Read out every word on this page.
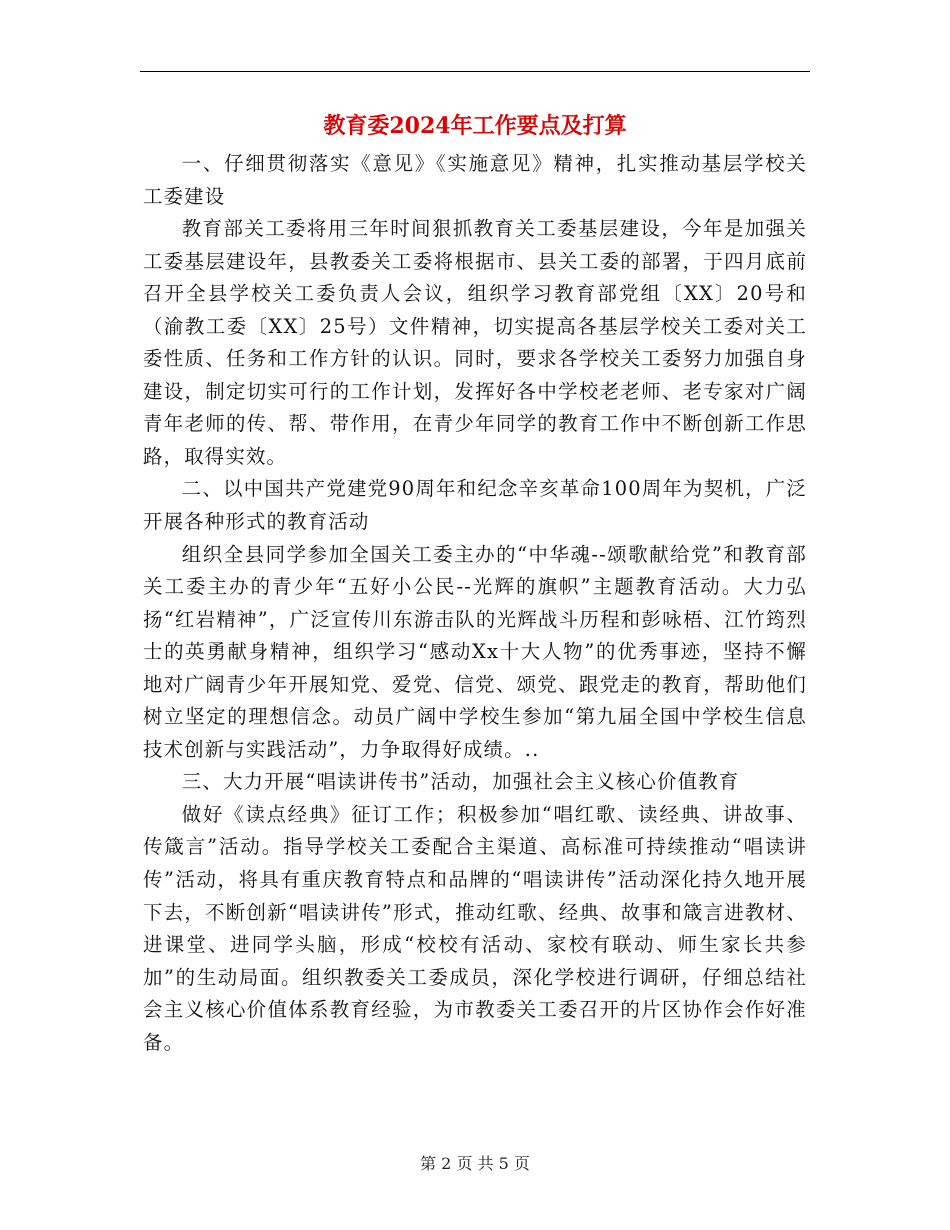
教育委2024年工作要点及打算

一、仔细贯彻落实《意见》《实施意见》精神，扎实推动基层学校关工委建设

教育部关工委将用三年时间狠抓教育关工委基层建设，今年是加强关工委基层建设年，县教委关工委将根据市、县关工委的部署，于四月底前召开全县学校关工委负责人会议，组织学习教育部党组〔XX〕20号和（渝教工委〔XX〕25号）文件精神，切实提高各基层学校关工委对关工委性质、任务和工作方针的认识。同时，要求各学校关工委努力加强自身建设，制定切实可行的工作计划，发挥好各中学校老老师、老专家对广阔青年老师的传、帮、带作用，在青少年同学的教育工作中不断创新工作思路，取得实效。

二、以中国共产党建党90周年和纪念辛亥革命100周年为契机，广泛开展各种形式的教育活动

组织全县同学参加全国关工委主办的“中华魂--颂歌献给党”和教育部关工委主办的青少年“五好小公民--光辉的旗帜”主题教育活动。大力弘扬“红岩精神”，广泛宣传川东游击队的光辉战斗历程和彭咏梧、江竹筠烈士的英勇献身精神，组织学习“感动Xx十大人物”的优秀事迹，坚持不懈地对广阔青少年开展知党、爱党、信党、颂党、跟党走的教育，帮助他们树立坚定的理想信念。动员广阔中学校生参加“第九届全国中学校生信息技术创新与实践活动”，力争取得好成绩。..

三、大力开展“唱读讲传书”活动，加强社会主义核心价值教育

做好《读点经典》征订工作；积极参加“唱红歌、读经典、讲故事、传箴言”活动。指导学校关工委配合主渠道、高标准可持续推动“唱读讲传”活动，将具有重庆教育特点和品牌的“唱读讲传”活动深化持久地开展下去，不断创新“唱读讲传”形式，推动红歌、经典、故事和箴言进教材、进课堂、进同学头脑，形成“校校有活动、家校有联动、师生家长共参加”的生动局面。组织教委关工委成员，深化学校进行调研，仔细总结社会主义核心价值体系教育经验，为市教委关工委召开的片区协作会作好准备。

第 2 页 共 5 页
